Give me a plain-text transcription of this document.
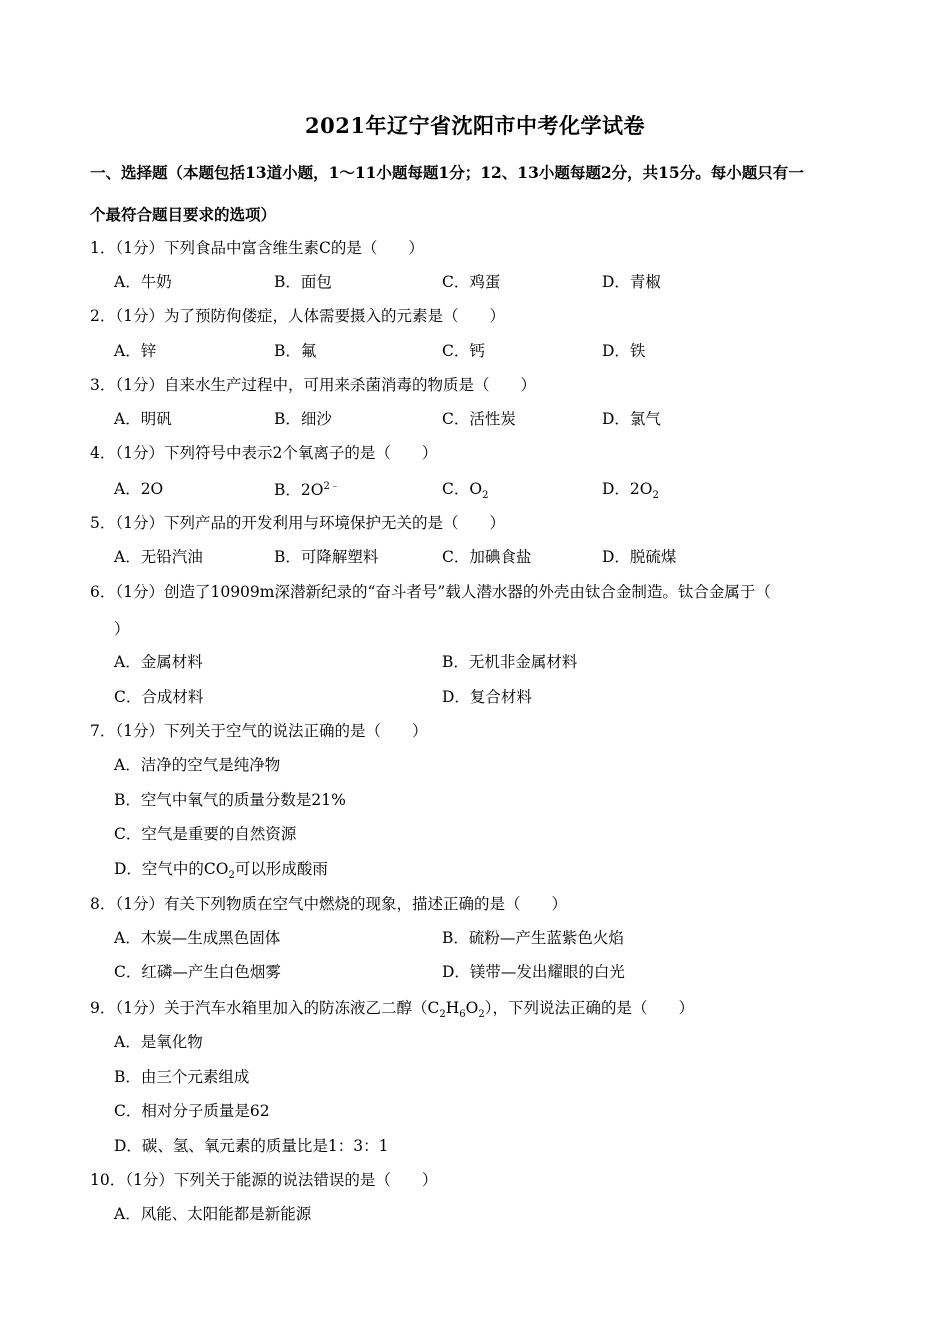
2021年辽宁省沈阳市中考化学试卷
一、选择题（本题包括13道小题，1～11小题每题1分；12、13小题每题2分，共15分。每小题只有一
个最符合题目要求的选项）
1．（1分）下列食品中富含维生素C的是（　　）
A．牛奶	B．面包	C．鸡蛋	D．青椒
2．（1分）为了预防佝偻症，人体需要摄入的元素是（　　）
A．锌	B．氟	C．钙	D．铁
3．（1分）自来水生产过程中，可用来杀菌消毒的物质是（　　）
A．明矾	B．细沙	C．活性炭	D．氯气
4．（1分）下列符号中表示2个氧离子的是（　　）
A．2O	B．$2O^{2﹣}$	C．$O_2$	D．$2O_2$
5．（1分）下列产品的开发利用与环境保护无关的是（　　）
A．无铅汽油	B．可降解塑料	C．加碘食盐	D．脱硫煤
6．（1分）创造了10909m深潜新纪录的“奋斗者号”载人潜水器的外壳由钛合金制造。钛合金属于（
）
A．金属材料	B．无机非金属材料
C．合成材料	D．复合材料
7．（1分）下列关于空气的说法正确的是（　　）
A．洁净的空气是纯净物
B．空气中氧气的质量分数是21%
C．空气是重要的自然资源
D．空气中的$CO_2$可以形成酸雨
8．（1分）有关下列物质在空气中燃烧的现象，描述正确的是（　　）
A．木炭—生成黑色固体	B．硫粉—产生蓝紫色火焰
C．红磷—产生白色烟雾	D．镁带—发出耀眼的白光
9．（1分）关于汽车水箱里加入的防冻液乙二醇$(C_2H_6O_2)$，下列说法正确的是（　　）
A．是氧化物
B．由三个元素组成
C．相对分子质量是62
D．碳、氢、氧元素的质量比是1：3：1
10．（1分）下列关于能源的说法错误的是（　　）
A．风能、太阳能都是新能源
